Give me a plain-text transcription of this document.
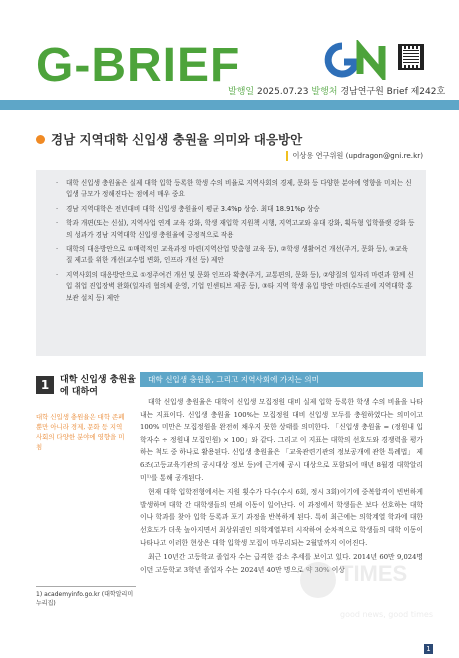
G-BRIEF
발행일 2025.07.23 발행처 경남연구원 Brief 제242호
경남 지역대학 신입생 충원율 의미와 대응방안
이상용 연구위원 (updragon@gni.re.kr)
· 대학 신입생 충원율은 실제 대학 입학 등록한 학생 수의 비율로 지역사회의 경제, 문화 등 다양한 분야에 영향을 미치는 신입생 규모가 정해진다는 점에서 매우 중요
· 경남 지역대학은 전년대비 대학 신입생 충원율이 평균 3.4%p 상승. 최대 18.91%p 상승
· 학과 개편(또는 신설), 지역사업 연계 교육 강화, 학생 재입학 지원책 시행, 지역고교와 유대 강화, 획득형 입학플랫 강화 등의 성과가 경남 지역대학 신입생 충원율에 긍정적으로 작용
· 대학의 대응방안으로 ①매력적인 교육과정 마련(지역산업 맞춤형 교육 등), ②학생 생활여건 개선(주거, 문화 등), ③교육 질 제고를 위한 개선(교수법 변화, 인프라 개선 등) 제안
· 지역사회의 대응방안으로 ①정주여건 개선 및 문화 인프라 확충(주거, 교통편의, 문화 등), ②양질의 일자리 마련과 함께 신입 취업 진입장벽 완화(일자리 협의체 운영, 기업 인센티브 제공 등), ③타 지역 학생 유입 방안 마련(수도권에 지역대학 홍보관 설치 등) 제안
1	대학 신입생 충원율에 대하여
대학 신입생 충원율은 대학 존폐뿐만 아니라 경제, 문화 등 지역사회의 다양한 분야에 영향을 미침
1) academyinfo.go.kr (대학알리미 누리집)
대학 신입생 충원율, 그리고 지역사회에 가지는 의미

대학 신입생 충원율은 대학이 신입생 모집정원 대비 실제 입학 등록한 학생 수의 비율을 나타내는 지표이다. 신입생 충원율 100%는 모집정원 대비 신입생 모두를 충원하였다는 의미이고 100% 미만은 모집정원을 완전히 채우지 못한 상태를 의미한다. 「신입생 충원율 = (정원내 입학자수 ÷ 정원내 모집인원) × 100」와 같다. 그리고 이 지표는 대학의 선호도와 경쟁력을 평가하는 척도 중 하나로 활용된다. 신입생 충원율은 「교육관련기관의 정보공개에 관한 특례법」 제6조(고등교육기관의 공시대상 정보 등)에 근거해 공시 대상으로 포함되어 매년 8월경 대학알리미¹⁾를 통해 공개된다.

현재 대학 입학전형에서는 지원 횟수가 다수(수시 6회, 정시 3회)이기에 중복합격이 빈번하게 발생하며 대학 간 대학생들의 연쇄 이동이 일어난다. 이 과정에서 학생들은 보다 선호하는 대학이나 학과를 찾아 입학 등록과 포기 과정을 반복하게 된다. 특히 최근에는 의학계열 학과에 대한 선호도가 더욱 높아지면서 최상위권인 의학계열부터 시작하여 순차적으로 학생들의 대학 이동이 나타나고 이러한 현상은 대학 입학생 모집이 마무리되는 2월말까지 이어진다.

최근 10년간 고등학교 졸업자 수는 급격한 감소 추세를 보이고 있다. 2014년 60만 9,024명이던 고등학교 3학년 졸업자 수는 2024년 40만 명으로 약 30% 이상

TIMES
good news, good times
1
